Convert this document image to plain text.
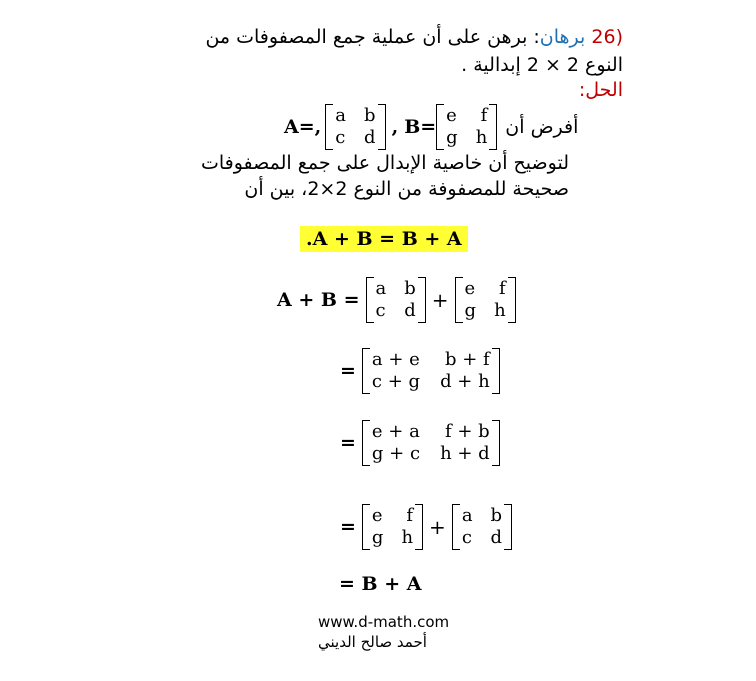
(26 برهان: برهن على أن عملية جمع المصفوفات من
النوع 2 × 2 إبدالية .
الحل:
A= ,
a b
c d , B=
e f
g h أفرض أن
لتوضيح أن خاصية الإبدال على جمع المصفوفات
صحيحة للمصفوفة من النوع 2×2، بين أن
.A + B = B + A
A + B =
a b
c d + e f
g h
=
a + e b + f
c + g d + h
=
e + a f + b
g + c h + d
=
e f
g h + a b
c d
= B + A
www.d-math.com
أحمد صالح الديني
